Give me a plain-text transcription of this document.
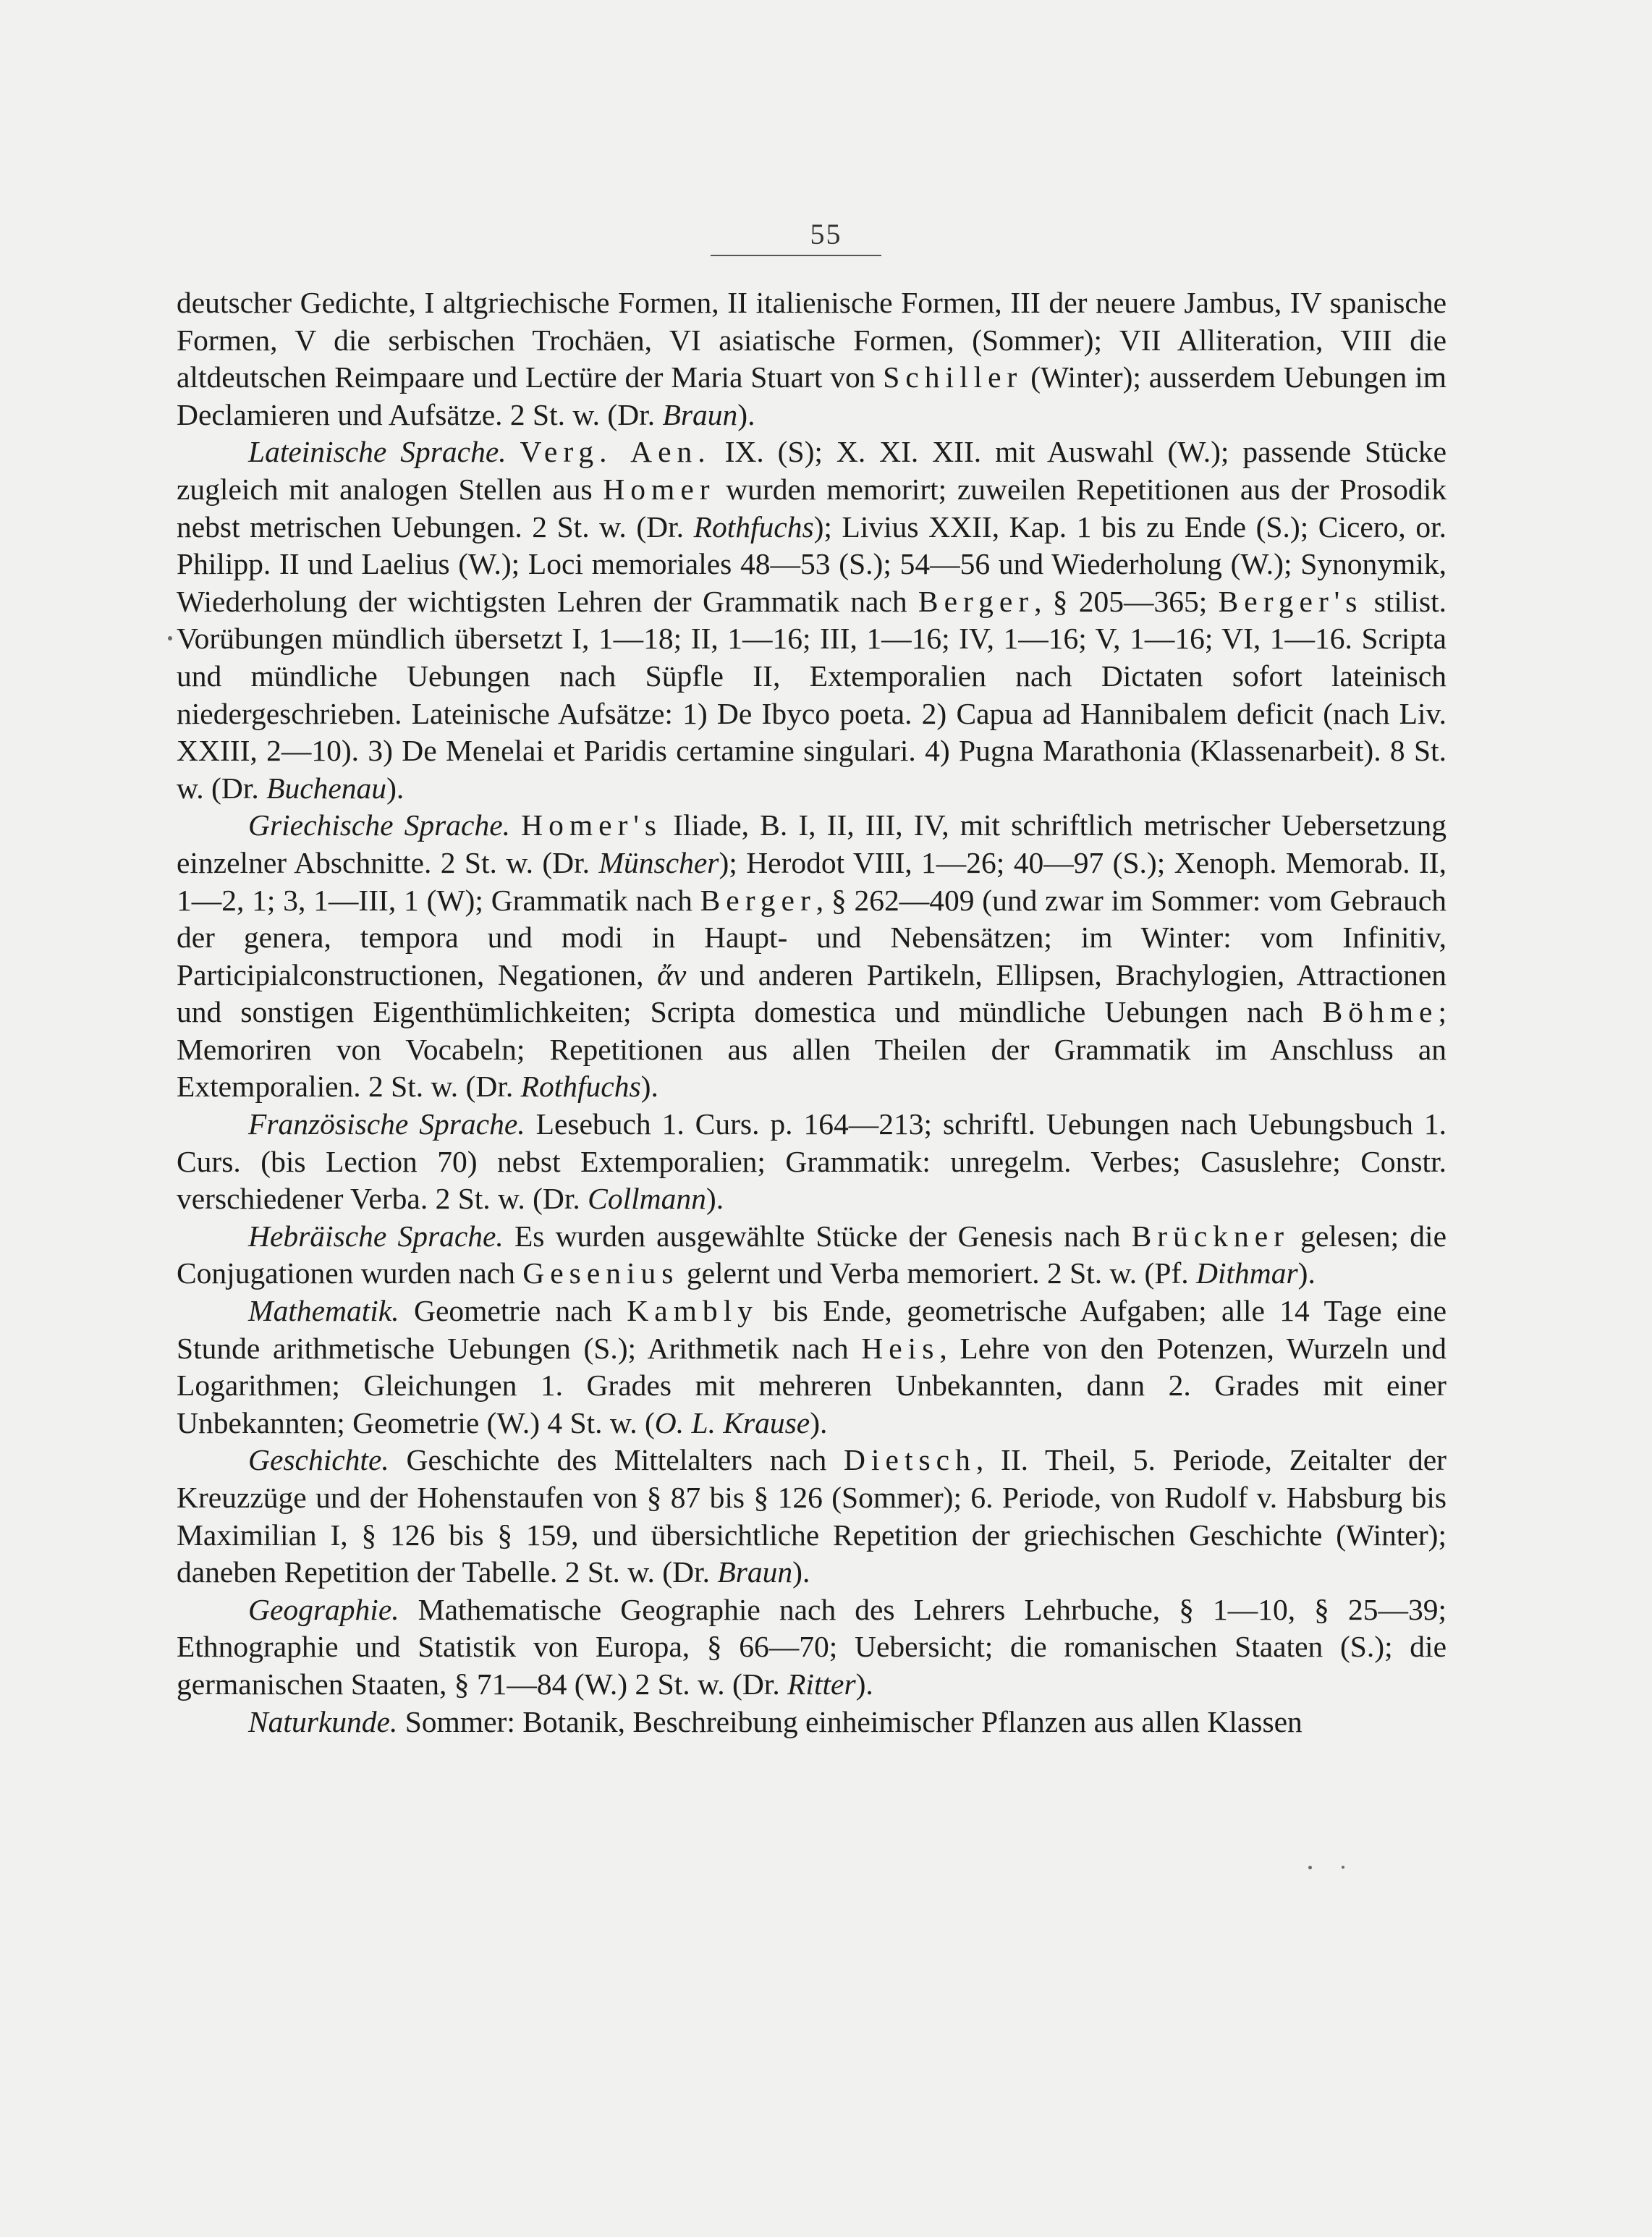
55

deutscher Gedichte, I altgriechische Formen, II italienische Formen, III der neuere Jambus, IV spanische Formen, V die serbischen Trochäen, VI asiatische Formen, (Sommer); VII Alliteration, VIII die altdeutschen Reimpaare und Lectüre der Maria Stuart von Schiller (Winter); ausserdem Uebungen im Declamieren und Aufsätze. 2 St. w. (Dr. Braun).

Lateinische Sprache. Verg. Aen. IX. (S); X. XI. XII. mit Auswahl (W.); passende Stücke zugleich mit analogen Stellen aus Homer wurden memorirt; zuweilen Repetitionen aus der Prosodik nebst metrischen Uebungen. 2 St. w. (Dr. Rothfuchs); Livius XXII, Kap. 1 bis zu Ende (S.); Cicero, or. Philipp. II und Laelius (W.); Loci memoriales 48—53 (S.); 54—56 und Wiederholung (W.); Synonymik, Wiederholung der wichtigsten Lehren der Grammatik nach Berger, § 205—365; Berger's stilist. Vorübungen mündlich übersetzt I, 1—18; II, 1—16; III, 1—16; IV, 1—16; V, 1—16; VI, 1—16. Scripta und mündliche Uebungen nach Süpfle II, Extemporalien nach Dictaten sofort lateinisch niedergeschrieben. Lateinische Aufsätze: 1) De Ibyco poeta. 2) Capua ad Hannibalem deficit (nach Liv. XXIII, 2—10). 3) De Menelai et Paridis certamine singulari. 4) Pugna Marathonia (Klassenarbeit). 8 St. w. (Dr. Buchenau).

Griechische Sprache. Homer's Iliade, B. I, II, III, IV, mit schriftlich metrischer Uebersetzung einzelner Abschnitte. 2 St. w. (Dr. Münscher); Herodot VIII, 1—26; 40—97 (S.); Xenoph. Memorab. II, 1—2, 1; 3, 1—III, 1 (W); Grammatik nach Berger, § 262—409 (und zwar im Sommer: vom Gebrauch der genera, tempora und modi in Haupt- und Nebensätzen; im Winter: vom Infinitiv, Participialconstructionen, Negationen, ἄν und anderen Partikeln, Ellipsen, Brachylogien, Attractionen und sonstigen Eigenthümlichkeiten; Scripta domestica und mündliche Uebungen nach Böhme; Memoriren von Vocabeln; Repetitionen aus allen Theilen der Grammatik im Anschluss an Extemporalien. 2 St. w. (Dr. Rothfuchs).

Französische Sprache. Lesebuch 1. Curs. p. 164—213; schriftl. Uebungen nach Uebungsbuch 1. Curs. (bis Lection 70) nebst Extemporalien; Grammatik: unregelm. Verbes; Casuslehre; Constr. verschiedener Verba. 2 St. w. (Dr. Collmann).

Hebräische Sprache. Es wurden ausgewählte Stücke der Genesis nach Brückner gelesen; die Conjugationen wurden nach Gesenius gelernt und Verba memoriert. 2 St. w. (Pf. Dithmar).

Mathematik. Geometrie nach Kambly bis Ende, geometrische Aufgaben; alle 14 Tage eine Stunde arithmetische Uebungen (S.); Arithmetik nach Heis, Lehre von den Potenzen, Wurzeln und Logarithmen; Gleichungen 1. Grades mit mehreren Unbekannten, dann 2. Grades mit einer Unbekannten; Geometrie (W.) 4 St. w. (O. L. Krause).

Geschichte. Geschichte des Mittelalters nach Dietsch, II. Theil, 5. Periode, Zeitalter der Kreuzzüge und der Hohenstaufen von § 87 bis § 126 (Sommer); 6. Periode, von Rudolf v. Habsburg bis Maximilian I, § 126 bis § 159, und übersichtliche Repetition der griechischen Geschichte (Winter); daneben Repetition der Tabelle. 2 St. w. (Dr. Braun).

Geographie. Mathematische Geographie nach des Lehrers Lehrbuche, § 1—10, § 25—39; Ethnographie und Statistik von Europa, § 66—70; Uebersicht; die romanischen Staaten (S.); die germanischen Staaten, § 71—84 (W.) 2 St. w. (Dr. Ritter).

Naturkunde. Sommer: Botanik, Beschreibung einheimischer Pflanzen aus allen Klassen
